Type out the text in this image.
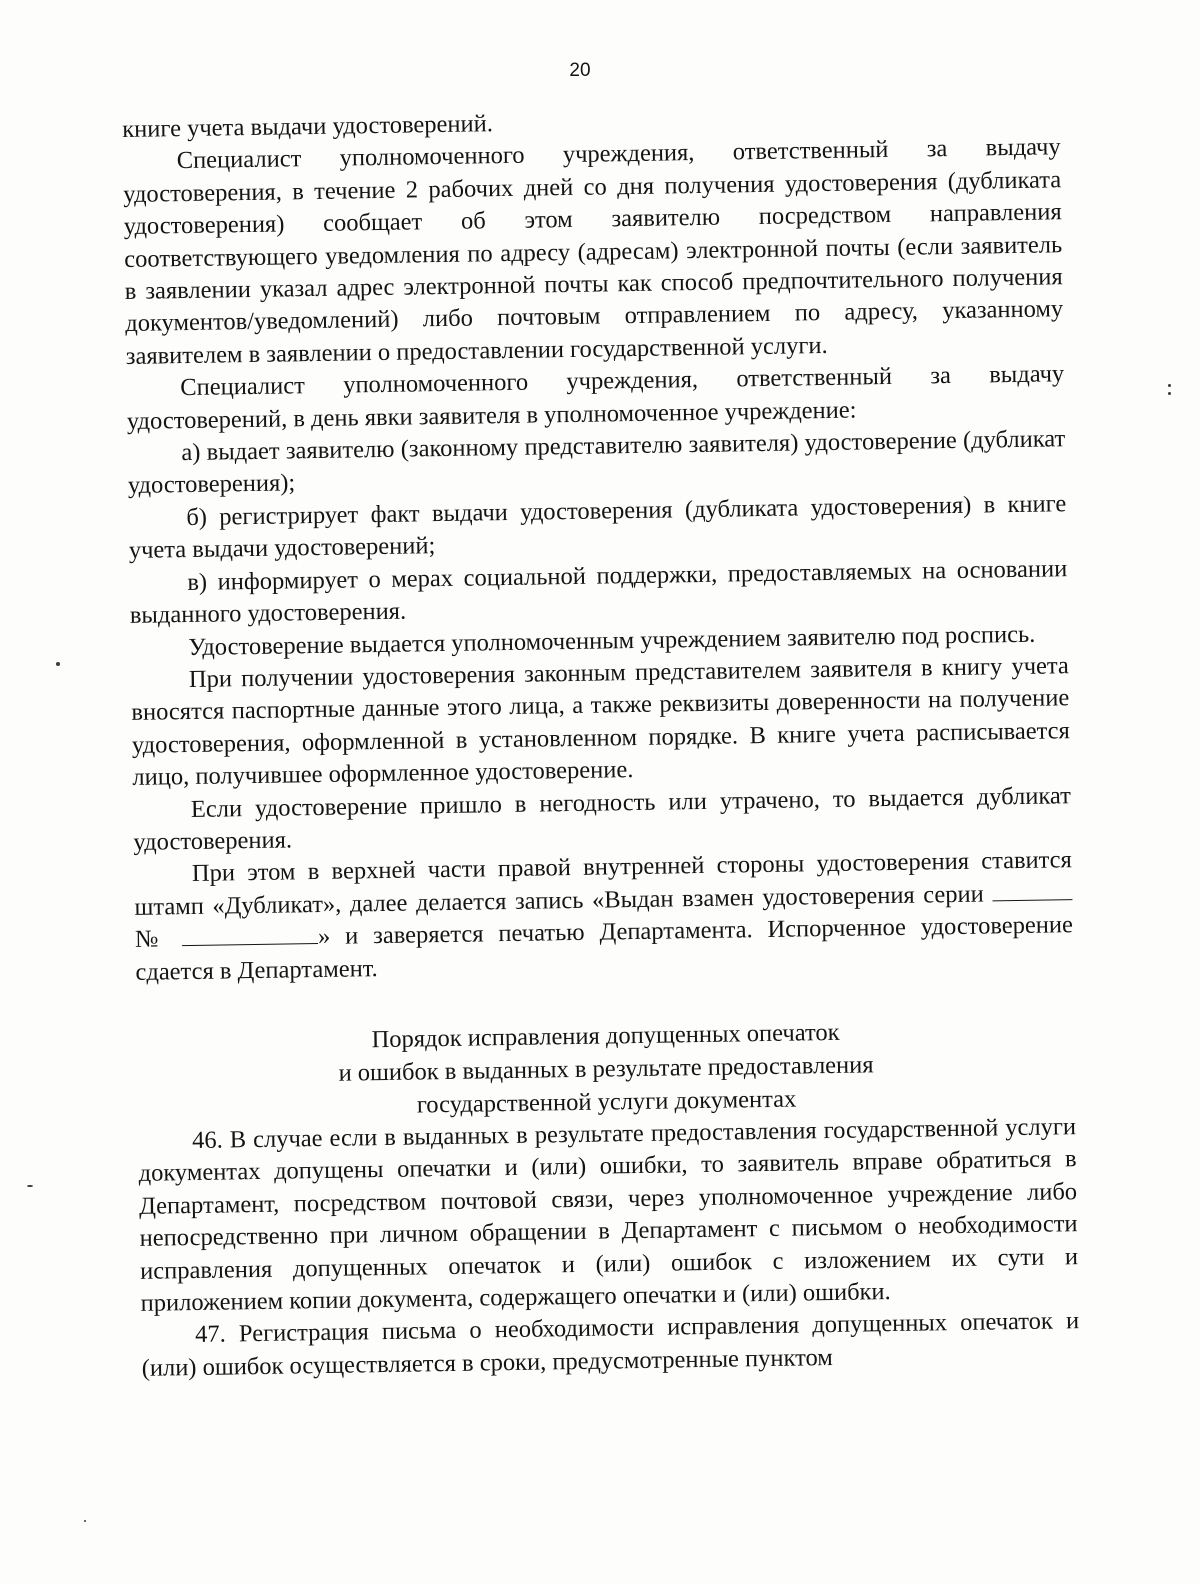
20

книге учета выдачи удостоверений.

Специалист уполномоченного учреждения, ответственный за выдачу удостоверения, в течение 2 рабочих дней со дня получения удостоверения (дубликата удостоверения) сообщает об этом заявителю посредством направления соответствующего уведомления по адресу (адресам) электронной почты (если заявитель в заявлении указал адрес электронной почты как способ предпочтительного получения документов/уведомлений) либо почтовым отправлением по адресу, указанному заявителем в заявлении о предоставлении государственной услуги.

Специалист уполномоченного учреждения, ответственный за выдачу удостоверений, в день явки заявителя в уполномоченное учреждение:

а) выдает заявителю (законному представителю заявителя) удостоверение (дубликат удостоверения);

б) регистрирует факт выдачи удостоверения (дубликата удостоверения) в книге учета выдачи удостоверений;

в) информирует о мерах социальной поддержки, предоставляемых на основании выданного удостоверения.

Удостоверение выдается уполномоченным учреждением заявителю под роспись.

При получении удостоверения законным представителем заявителя в книгу учета вносятся паспортные данные этого лица, а также реквизиты доверенности на получение удостоверения, оформленной в установленном порядке. В книге учета расписывается лицо, получившее оформленное удостоверение.

Если удостоверение пришло в негодность или утрачено, то выдается дубликат удостоверения.

При этом в верхней части правой внутренней стороны удостоверения ставится штамп «Дубликат», далее делается запись «Выдан взамен удостоверения серии  №	» и заверяется печатью Департамента. Испорченное удостоверение сдается в Департамент.

Порядок исправления допущенных опечаток
и ошибок в выданных в результате предоставления
государственной услуги документах

46. В случае если в выданных в результате предоставления государственной услуги документах допущены опечатки и (или) ошибки, то заявитель вправе обратиться в Департамент, посредством почтовой связи, через уполномоченное учреждение либо непосредственно при личном обращении в Департамент с письмом о необходимости исправления допущенных опечаток и (или) ошибок с изложением их сути и приложением копии документа, содержащего опечатки и (или) ошибки.

47. Регистрация письма о необходимости исправления допущенных опечаток и (или) ошибок осуществляется в сроки, предусмотренные пунктом
